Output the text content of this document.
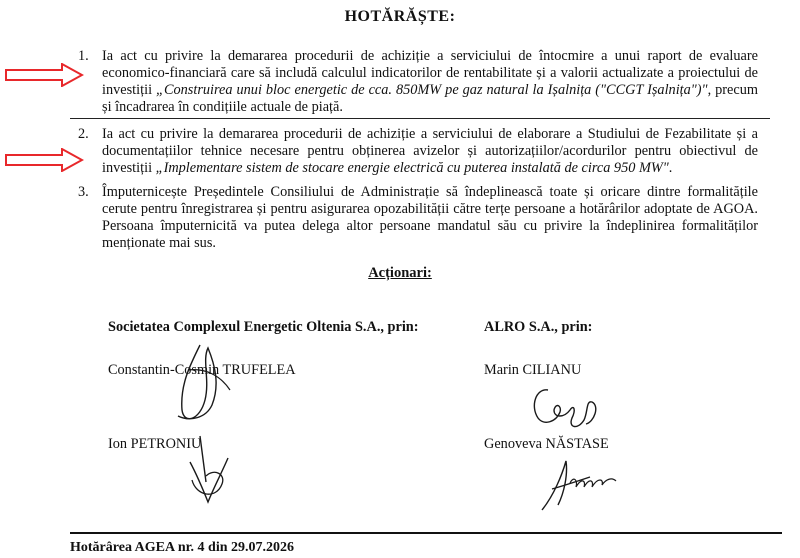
HOTĂRĂȘTE:
1. Ia act cu privire la demararea procedurii de achiziție a serviciului de întocmire a unui raport de evaluare economico-financiară care să includă calculul indicatorilor de rentabilitate și a valorii actualizate a proiectului de investiții „Construirea unui bloc energetic de cca. 850MW pe gaz natural la Ișalnița ("CCGT Ișalnița")", precum și încadrarea în condițiile actuale de piață.
2. Ia act cu privire la demararea procedurii de achiziție a serviciului de elaborare a Studiului de Fezabilitate și a documentațiilor tehnice necesare pentru obținerea avizelor și autorizațiilor/acordurilor pentru obiectivul de investiții „Implementare sistem de stocare energie electrică cu puterea instalată de circa 950 MW".
3. Împuternicește Președintele Consiliului de Administrație să îndeplinească toate și oricare dintre formalitățile cerute pentru înregistrarea și pentru asigurarea opozabilității către terțe persoane a hotărârilor adoptate de AGOA. Persoana împuternicită va putea delega altor persoane mandatul său cu privire la îndeplinirea formalităților menționate mai sus.
Acționari:
Societatea Complexul Energetic Oltenia S.A., prin:
Constantin-Cosmin TRUFELEA
Ion PETRONIU
ALRO S.A., prin:
Marin CILIANU
Genoveva NĂSTASE
Hotărârea AGEA nr. 4 din 29.07.2026
